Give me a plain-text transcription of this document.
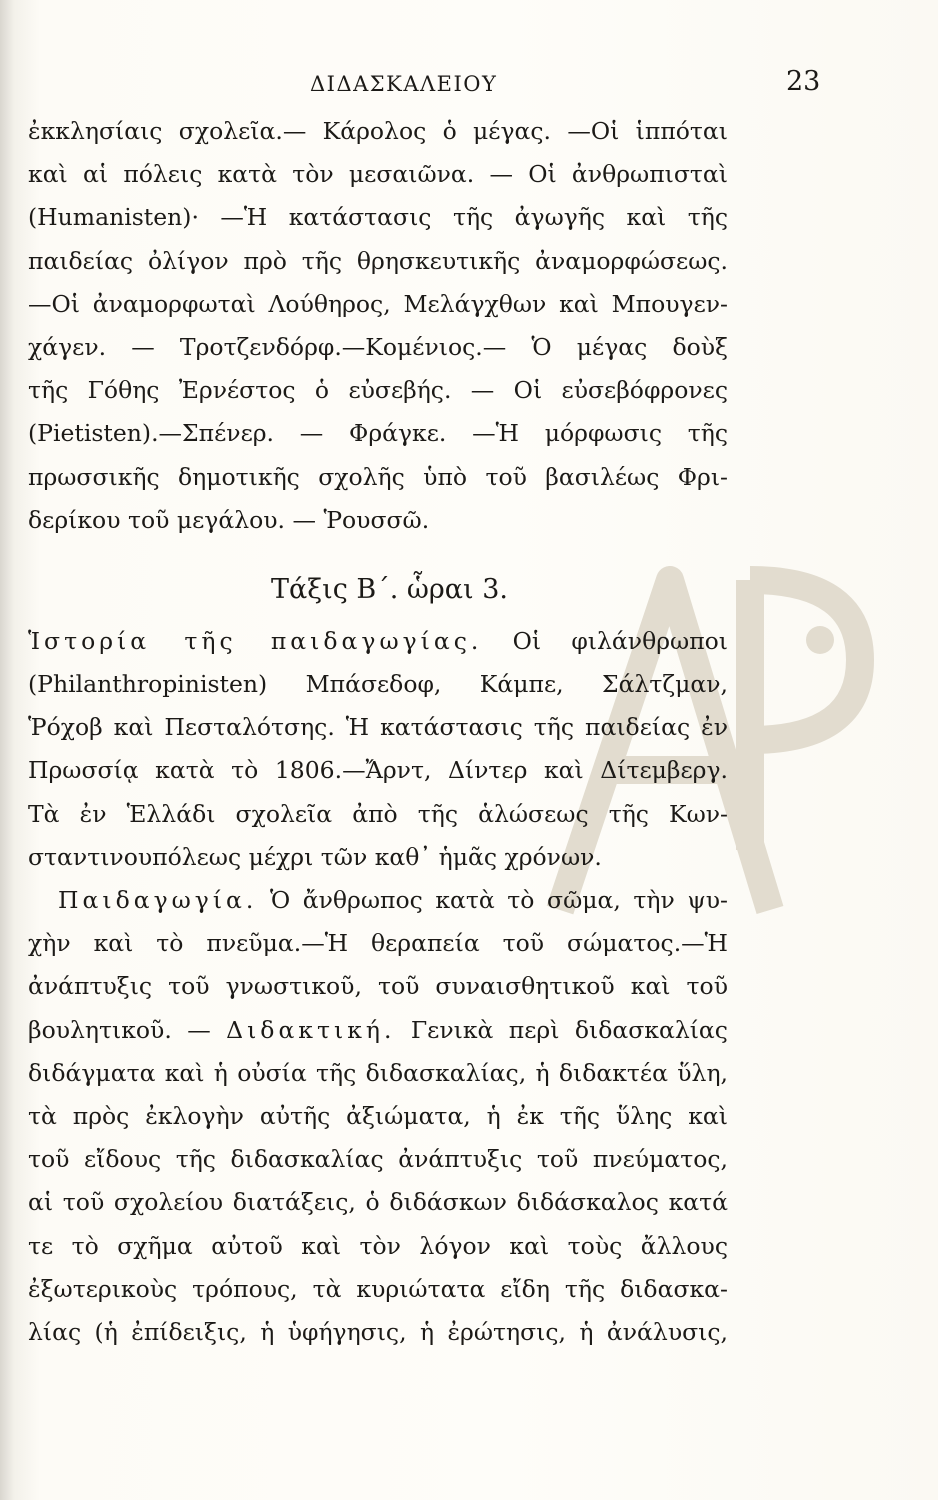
ΔΙΔΑΣΚΑΛΕΙΟΥ	23
ἐκκλησίαις σχολεῖα.— Κάρολος ὁ μέγας. —Οἱ ἱππόται
καὶ αἱ πόλεις κατὰ τὸν μεσαιῶνα. — Οἱ ἀνθρωπισταὶ
(Humanisten)· —Ἡ κατάστασις τῆς ἀγωγῆς καὶ τῆς
παιδείας ὀλίγον πρὸ τῆς θρησκευτικῆς ἀναμορφώσεως.
—Οἱ ἀναμορφωταὶ Λούθηρος, Μελάγχθων καὶ Μπουγεν-
χάγεν. — Τροτζενδόρφ.—Κομένιος.— Ὁ μέγας δοὺξ
τῆς Γόθης Ἐρνέστος ὁ εὐσεβής. — Οἱ εὐσεβόφρονες
(Pietisten).—Σπένερ. — Φράγκε. —Ἡ μόρφωσις τῆς
πρωσσικῆς δημοτικῆς σχολῆς ὑπὸ τοῦ βασιλέως Φρι-
δερίκου τοῦ μεγάλου. — Ῥουσσῶ.
Τάξις Β΄. ὧραι 3.
Ἱστορία τῆς παιδαγωγίας. Οἱ φιλάνθρωποι
(Philanthropinisten) Μπάσεδοφ, Κάμπε, Σάλτζμαν,
Ῥόχοβ καὶ Πεσταλότσης. Ἡ κατάστασις τῆς παιδείας ἐν
Πρωσσίᾳ κατὰ τὸ 1806.—Ἄρντ, Δίντερ καὶ Δίτεμβεργ.
Τὰ ἐν Ἑλλάδι σχολεῖα ἀπὸ τῆς ἁλώσεως τῆς Κων-
σταντινουπόλεως μέχρι τῶν καθ᾽ ἡμᾶς χρόνων.
Παιδαγωγία. Ὁ ἄνθρωπος κατὰ τὸ σῶμα, τὴν ψυ-
χὴν καὶ τὸ πνεῦμα.—Ἡ θεραπεία τοῦ σώματος.—Ἡ
ἀνάπτυξις τοῦ γνωστικοῦ, τοῦ συναισθητικοῦ καὶ τοῦ
βουλητικοῦ. — Διδακτική. Γενικὰ περὶ διδασκαλίας
διδάγματα καὶ ἡ οὐσία τῆς διδασκαλίας, ἡ διδακτέα ὕλη,
τὰ πρὸς ἐκλογὴν αὐτῆς ἀξιώματα, ἡ ἐκ τῆς ὕλης καὶ
τοῦ εἴδους τῆς διδασκαλίας ἀνάπτυξις τοῦ πνεύματος,
αἱ τοῦ σχολείου διατάξεις, ὁ διδάσκων διδάσκαλος κατά
τε τὸ σχῆμα αὐτοῦ καὶ τὸν λόγον καὶ τοὺς ἄλλους
ἐξωτερικοὺς τρόπους, τὰ κυριώτατα εἴδη τῆς διδασκα-
λίας (ἡ ἐπίδειξις, ἡ ὑφήγησις, ἡ ἐρώτησις, ἡ ἀνάλυσις,
